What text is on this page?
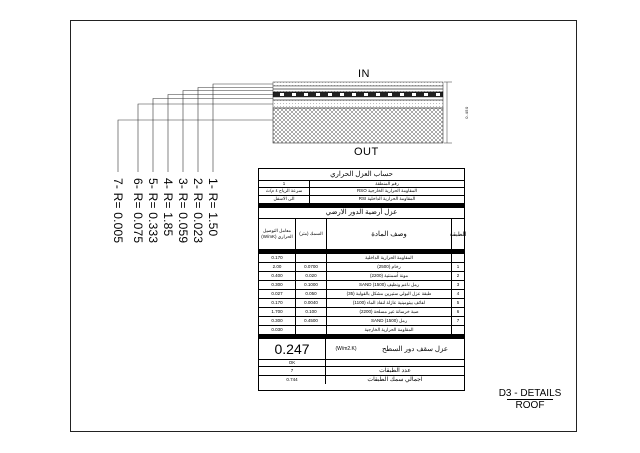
IN
OUT
0.450
1- R= 1.50
2- R= 0.023
3- R= 0.059
4- R= 1.85
5- R= 0.333
6- R= 0.075
7- R= 0.005
حساب العزل الحراري
رقم المنطقة
1
المقاومة الحرارية الخارجية RSO
سرعة الرياح ٤ م/ث
المقاومة الحرارية الداخلية RSI
الى الاسفل
عزل أرضية الدور الارضي
الطبقة
وصف المادة
السمك (متر)
معامل التوصيل الحراري (W/mK)
المقاومة الحرارية الداخلية
0.170
1
رخام (2500)
0.0700
2.00
2
مونة أسمنتية (2200)
0.020
0.400
3
رمل ناعم ونظيف SAND (1500)
0.1000
0.300
4
طبقة عزل البولي ستيرين مشكل بالقولبة (35)
0.050
0.027
5
لفائف بيتومينية عازلة لنفاذ الماء (1100)
0.0040
0.170
6
صبة خرسانة غير مسلحة (2200)
0.100
1.700
7
رمل SAND (1500)
0.4500
0.300
المقاومة الحرارية الخارجية
0.030
عزل سقف دور السطح
(W/m2.K)
0.247
OK
عدد الطبقات
7
اجمالي سمك الطبقات
0.744
D3 - DETAILS
ROOF
